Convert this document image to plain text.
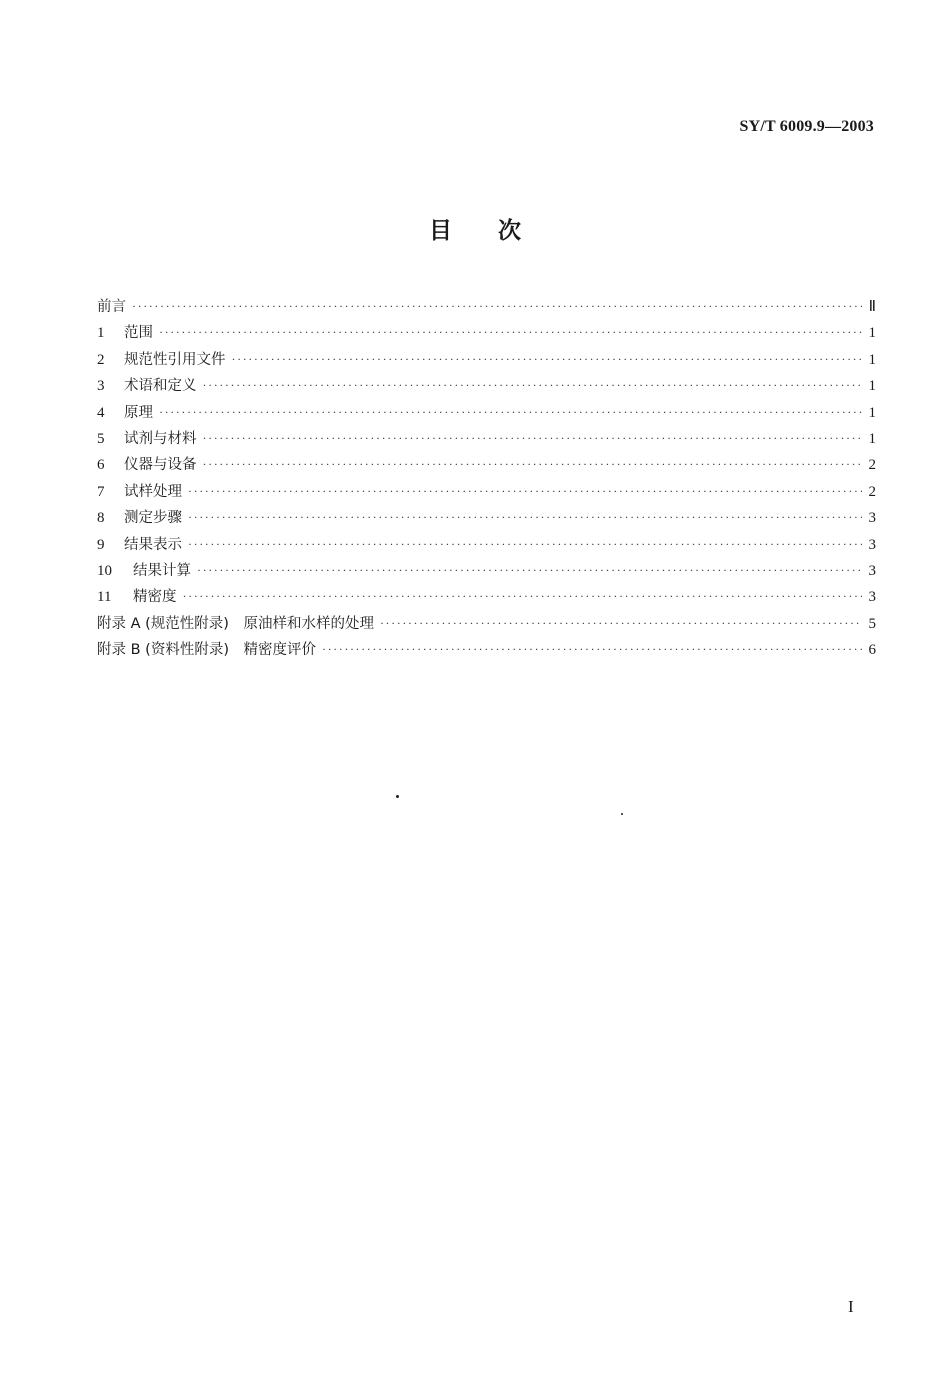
SY/T 6009.9—2003
目　　次
前言 ·····	Ⅱ
1	范围 ·····	1
2	规范性引用文件 ·····	1
3	术语和定义 ·····	1
4	原理 ·····	1
5	试剂与材料 ·····	1
6	仪器与设备 ·····	2
7	试样处理 ·····	2
8	测定步骤 ·····	3
9	结果表示 ·····	3
10	结果计算 ·····	3
11	精密度 ·····	3
附录 A (规范性附录)　原油样和水样的处理 ·····	5
附录 B (资料性附录)　精密度评价 ·····	6
I
